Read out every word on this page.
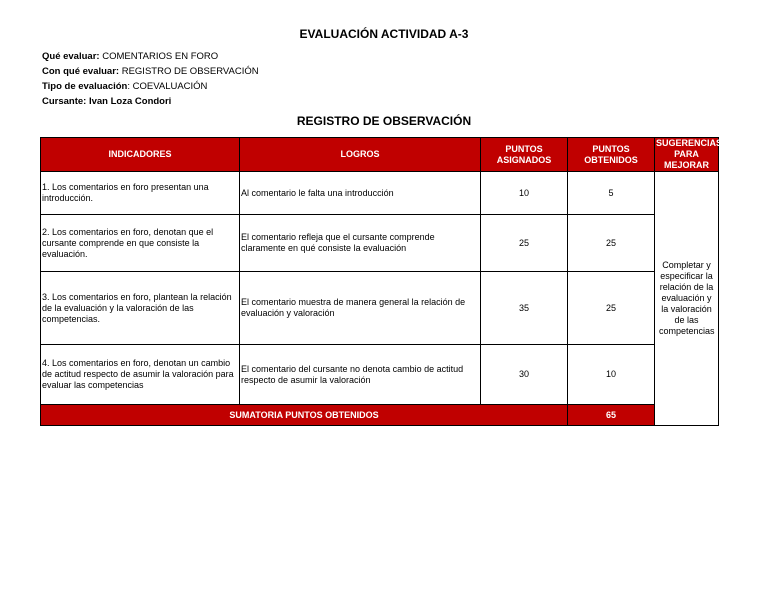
EVALUACIÓN ACTIVIDAD A-3
Qué evaluar: COMENTARIOS EN FORO
Con qué evaluar: REGISTRO DE OBSERVACIÓN
Tipo de evaluación: COEVALUACIÓN
Cursante: Ivan Loza Condori
REGISTRO DE OBSERVACIÓN
INDICADORES	LOGROS	PUNTOS ASIGNADOS	PUNTOS OBTENIDOS	SUGERENCIAS PARA MEJORAR
1. Los comentarios en foro presentan una introducción.	Al comentario le falta una introducción	10	5	Completar y especificar la relación de la evaluación y la valoración de las competencias
2. Los comentarios en foro, denotan que el cursante comprende en que consiste la evaluación.	El comentario refleja que el cursante comprende claramente en qué consiste la evaluación	25	25	
3. Los comentarios en foro, plantean la relación de la evaluación y la valoración de las competencias.	El comentario muestra de manera general la relación de evaluación y valoración	35	25	
4. Los comentarios en foro, denotan un cambio de actitud respecto de asumir la valoración para evaluar las competencias	El comentario del cursante no denota cambio de actitud respecto de asumir la valoración	30	10	
SUMATORIA PUNTOS OBTENIDOS			65	
